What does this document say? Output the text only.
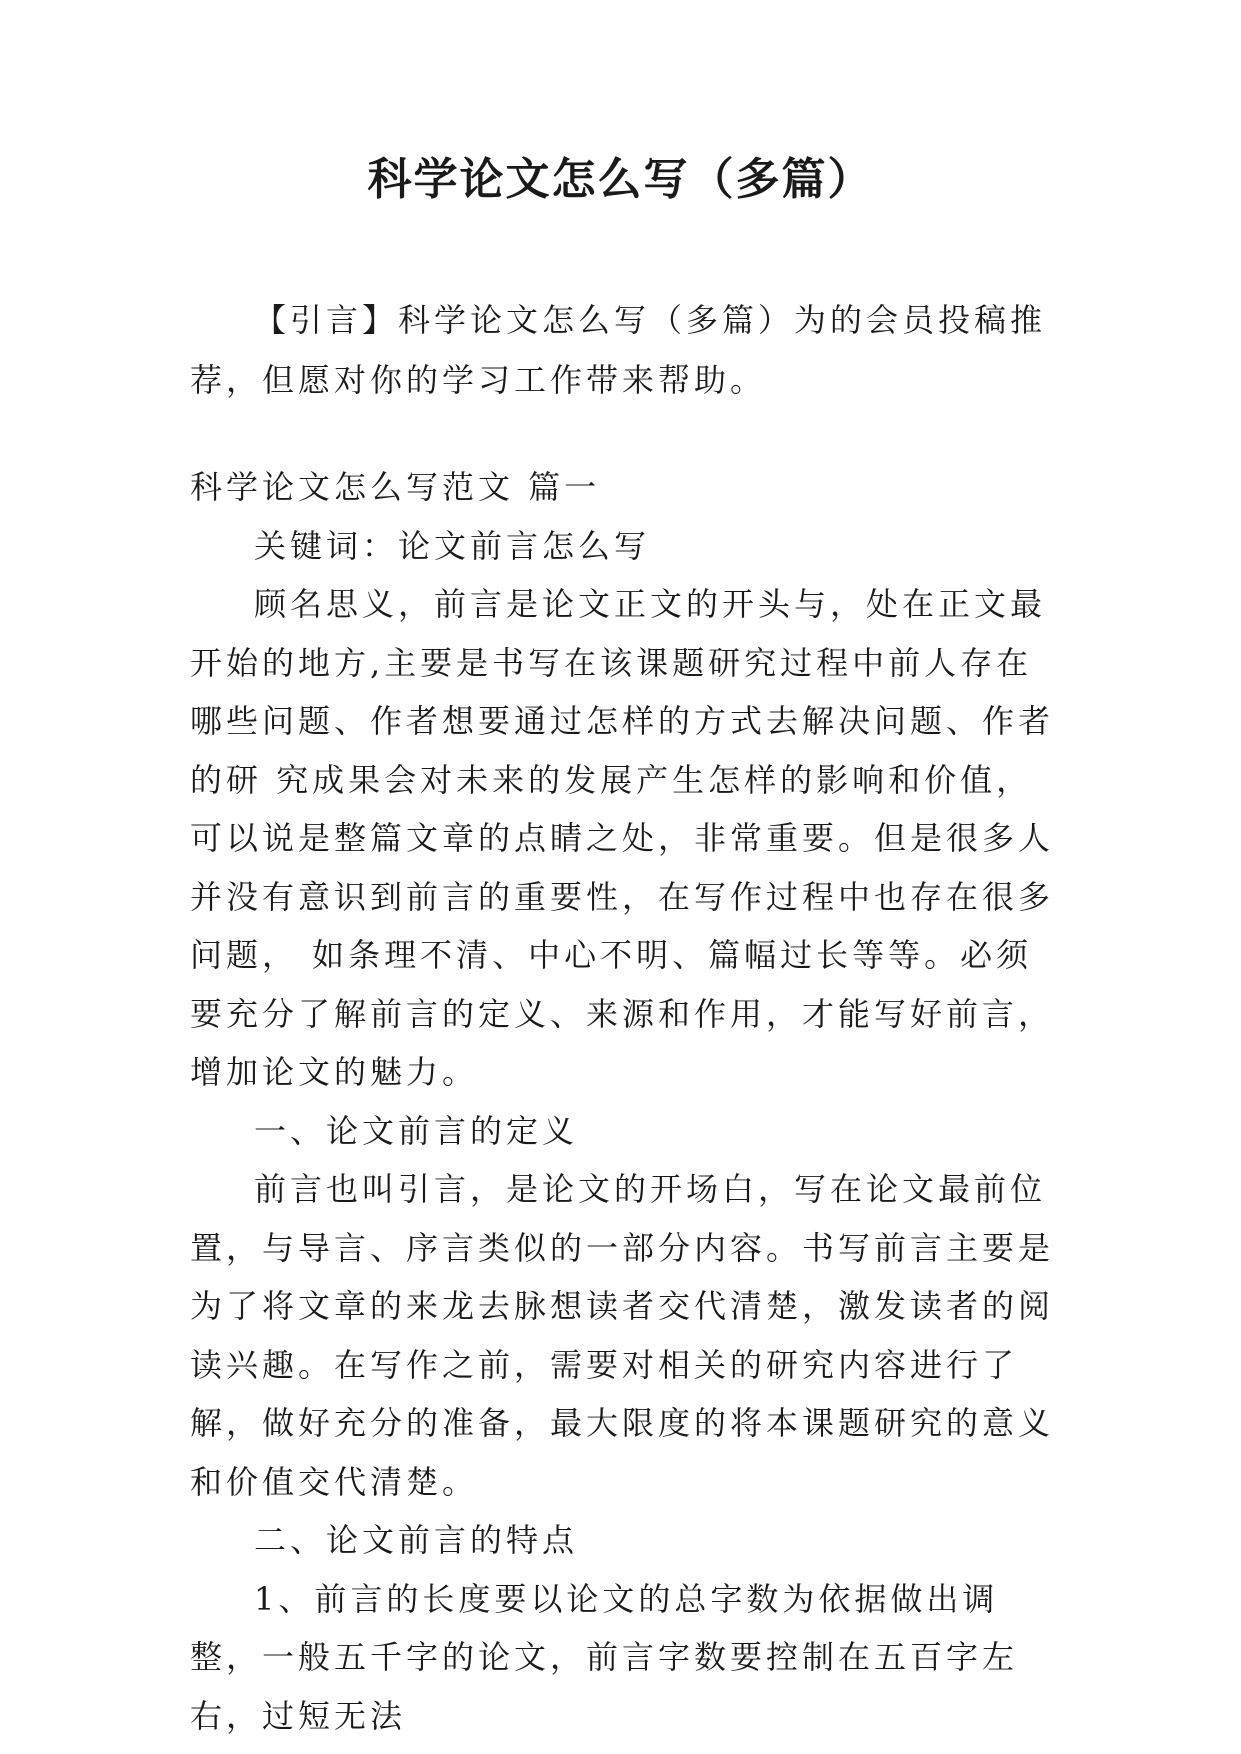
科学论文怎么写（多篇）

【引言】科学论文怎么写（多篇）为的会员投稿推荐，但愿对你的学习工作带来帮助。

科学论文怎么写范文 篇一

关键词：论文前言怎么写

顾名思义，前言是论文正文的开头与，处在正文最开始的地方,主要是书写在该课题研究过程中前人存在哪些问题、作者想要通过怎样的方式去解决问题、作者的研 究成果会对未来的发展产生怎样的影响和价值，可以说是整篇文章的点睛之处，非常重要。但是很多人并没有意识到前言的重要性，在写作过程中也存在很多问题， 如条理不清、中心不明、篇幅过长等等。必须要充分了解前言的定义、来源和作用，才能写好前言，增加论文的魅力。

一、论文前言的定义

前言也叫引言，是论文的开场白，写在论文最前位置，与导言、序言类似的一部分内容。书写前言主要是为了将文章的来龙去脉想读者交代清楚，激发读者的阅读兴趣。在写作之前，需要对相关的研究内容进行了解，做好充分的准备，最大限度的将本课题研究的意义和价值交代清楚。

二、论文前言的特点

1、前言的长度要以论文的总字数为依据做出调整，一般五千字的论文，前言字数要控制在五百字左右，过短无法
